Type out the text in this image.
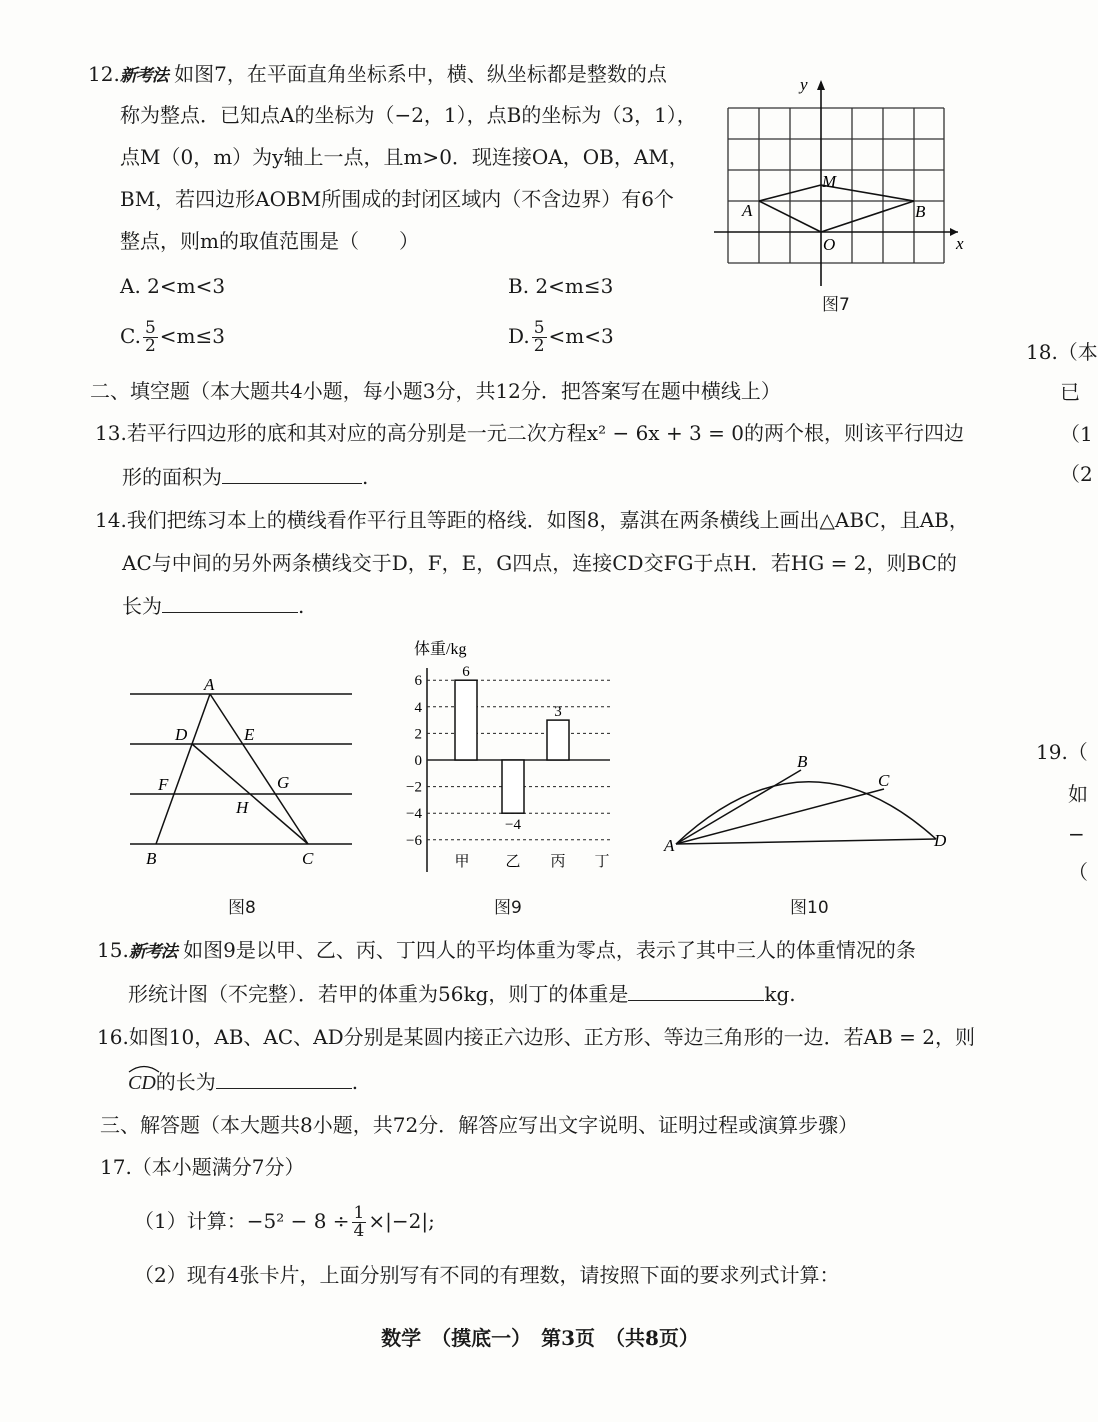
12.新考法 如图7，在平面直角坐标系中，横、纵坐标都是整数的点
称为整点．已知点A的坐标为（−2，1），点B的坐标为（3，1），
点M（0，m）为y轴上一点，且m>0．现连接OA，OB，AM，
BM，若四边形AOBM所围成的封闭区域内（不含边界）有6个
整点，则m的取值范围是（　　）
A. 2<m<3	B. 2<m≤3
C. $\frac{5}{2} <m\le 3$	D. $\frac{5}{2} <m<3$
y
x
M
A	B
O
图7
二、填空题（本大题共4小题，每小题3分，共12分．把答案写在题中横线上）
13.若平行四边形的底和其对应的高分别是一元二次方程x² − 6x + 3 = 0的两个根，则该平行四边
形的面积为	.
14.我们把练习本上的横线看作平行且等距的格线．如图8，嘉淇在两条横线上画出△ABC，且AB，
AC与中间的另外两条横线交于D，F，E，G四点，连接CD交FG于点H．若HG = 2，则BC的
长为	.
A
D	E
F	G
H
B	C
图8
体重/kg
6
4
2
0
−2
−4
−6
6
−4
3
甲 乙 丙 丁
图9
A
B
C
D
图10
15.新考法 如图9是以甲、乙、丙、丁四人的平均体重为零点，表示了其中三人的体重情况的条
形统计图（不完整）．若甲的体重为56kg，则丁的体重是	kg.
16.如图10，AB、AC、AD分别是某圆内接正六边形、正方形、等边三角形的一边．若AB = 2，则
CD的长为	.
三、解答题（本大题共8小题，共72分．解答应写出文字说明、证明过程或演算步骤）
17.（本小题满分7分）
（1）计算：$-5^2 - 8 \div \frac{1}{4} \times|-2|$;
（2）现有4张卡片，上面分别写有不同的有理数，请按照下面的要求列式计算：
18.（本
已
（1
（2
19.（
如
−
（
数学　（摸底一）　第3页　（共8页）
